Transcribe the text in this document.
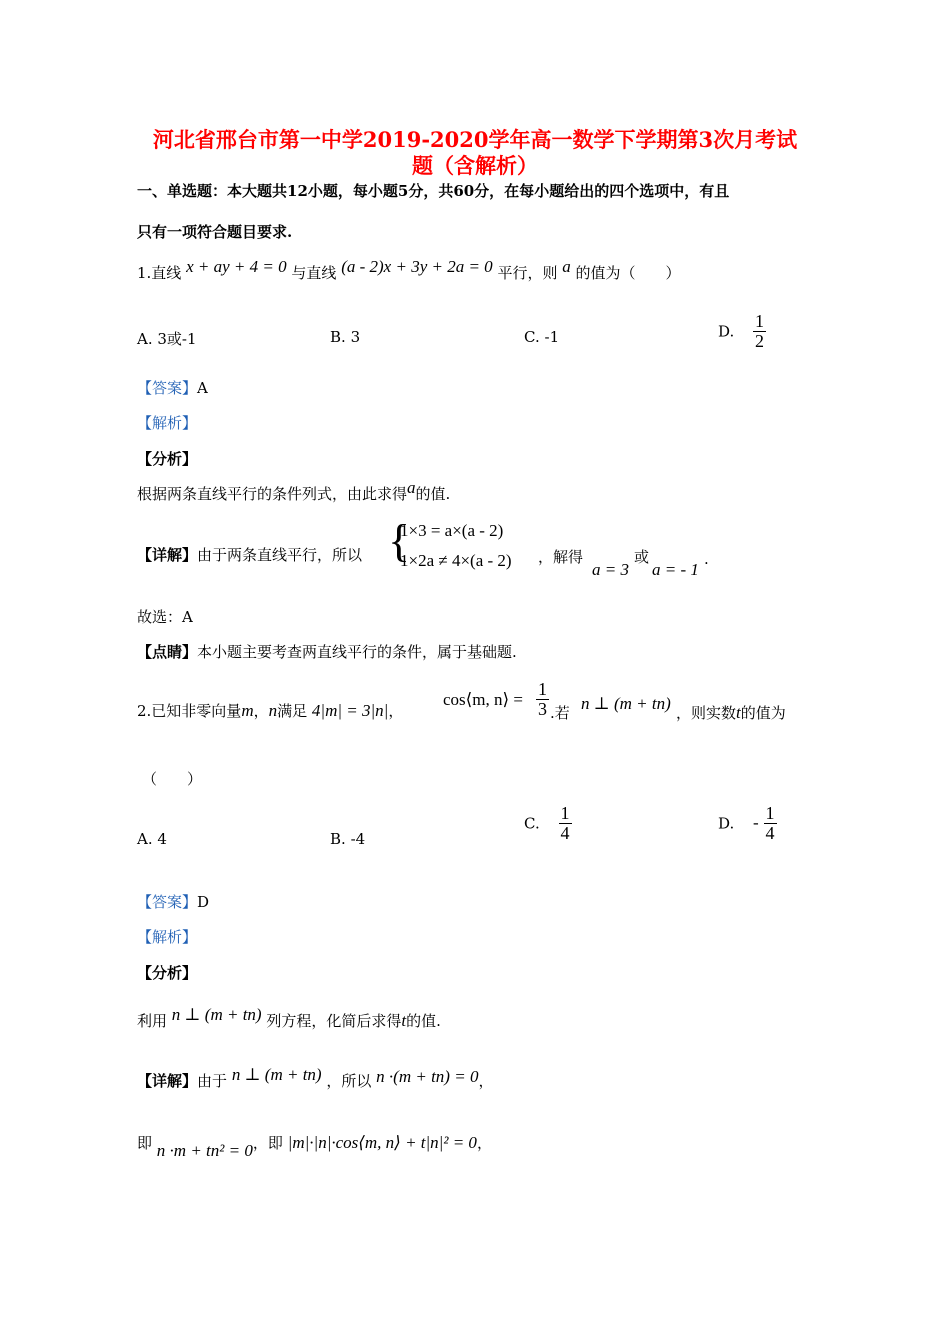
河北省邢台市第一中学2019-2020学年高一数学下学期第3次月考试
题（含解析）
一、单选题：本大题共12小题，每小题5分，共60分，在每小题给出的四个选项中，有且
只有一项符合题目要求.
1.直线 x + ay + 4 = 0 与直线 (a - 2)x + 3y + 2a = 0 平行，则 a 的值为（　　）
A. 3或-1	B. 3	C. -1	D. $\frac{1}{2}$
【答案】A
【解析】
【分析】
根据两条直线平行的条件列式，由此求得a的值.
【详解】由于两条直线平行，所以 {
1×3 = a×(a - 2)
1×2a ≠ 4×(a - 2) ，解得
a = 3
或
a = - 1
.
故选：A
【点睛】本小题主要考查两直线平行的条件，属于基础题.
2.已知非零向量m，n满足 4|m| = 3|n|，
cos⟨m, n⟩ = $\frac{1}{3}$ .若 n ⊥ (m + tn) ，则实数t的值为
（　　）
A. 4	B. -4
C. $\frac{1}{4}$	D. - $\frac{1}{4}$
【答案】D
【解析】
【分析】
利用 n ⊥ (m + tn) 列方程，化简后求得t的值.
【详解】由于 n ⊥ (m + tn) ，所以 n ·(m + tn) = 0，
即 n ·m + tn² = 0，即 |m|·|n|·cos⟨m, n⟩ + t|n|² = 0，
